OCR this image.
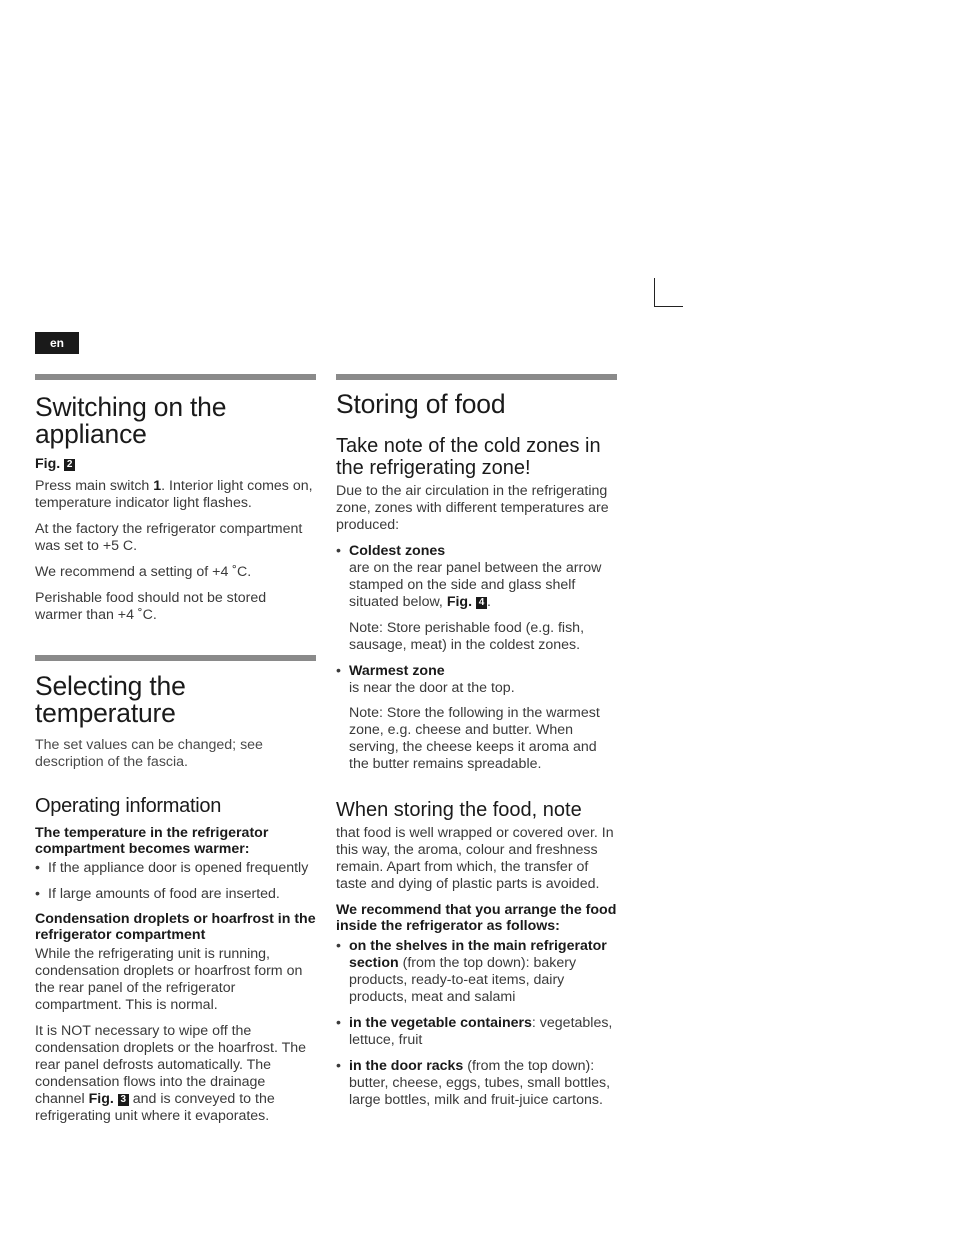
en
Switching on the appliance

Fig. 2

Press main switch 1. Interior light comes on, temperature indicator light flashes.

At the factory the refrigerator compartment was set to +5 C.

We recommend a setting of +4 ˚C.

Perishable food should not be stored warmer than +4 ˚C.

Selecting the temperature

The set values can be changed; see description of the fascia.

Operating information

The temperature in the refrigerator compartment becomes warmer:

• If the appliance door is opened frequently
• If large amounts of food are inserted.

Condensation droplets or hoarfrost in the refrigerator compartment

While the refrigerating unit is running, condensation droplets or hoarfrost form on the rear panel of the refrigerator compartment. This is normal.

It is NOT necessary to wipe off the condensation droplets or the hoarfrost. The rear panel defrosts automatically. The condensation flows into the drainage channel Fig. 3 and is conveyed to the refrigerating unit where it evaporates.

Storing of food
Take note of the cold zones in the refrigerating zone!

Due to the air circulation in the refrigerating zone, zones with different temperatures are produced:

• Coldest zones
are on the rear panel between the arrow stamped on the side and glass shelf situated below, Fig. 4 .

Note: Store perishable food (e.g. fish, sausage, meat) in the coldest zones.

• Warmest zone
is near the door at the top.

Note: Store the following in the warmest zone, e.g. cheese and butter. When serving, the cheese keeps it aroma and the butter remains spreadable.

When storing the food, note

that food is well wrapped or covered over. In this way, the aroma, colour and freshness remain. Apart from which, the transfer of taste and dying of plastic parts is avoided.

We recommend that you arrange the food inside the refrigerator as follows:

• on the shelves in the main refrigerator section (from the top down): bakery products, ready-to-eat items, dairy products, meat and salami
• in the vegetable containers: vegetables, lettuce, fruit
• in the door racks (from the top down): butter, cheese, eggs, tubes, small bottles, large bottles, milk and fruit-juice cartons.
